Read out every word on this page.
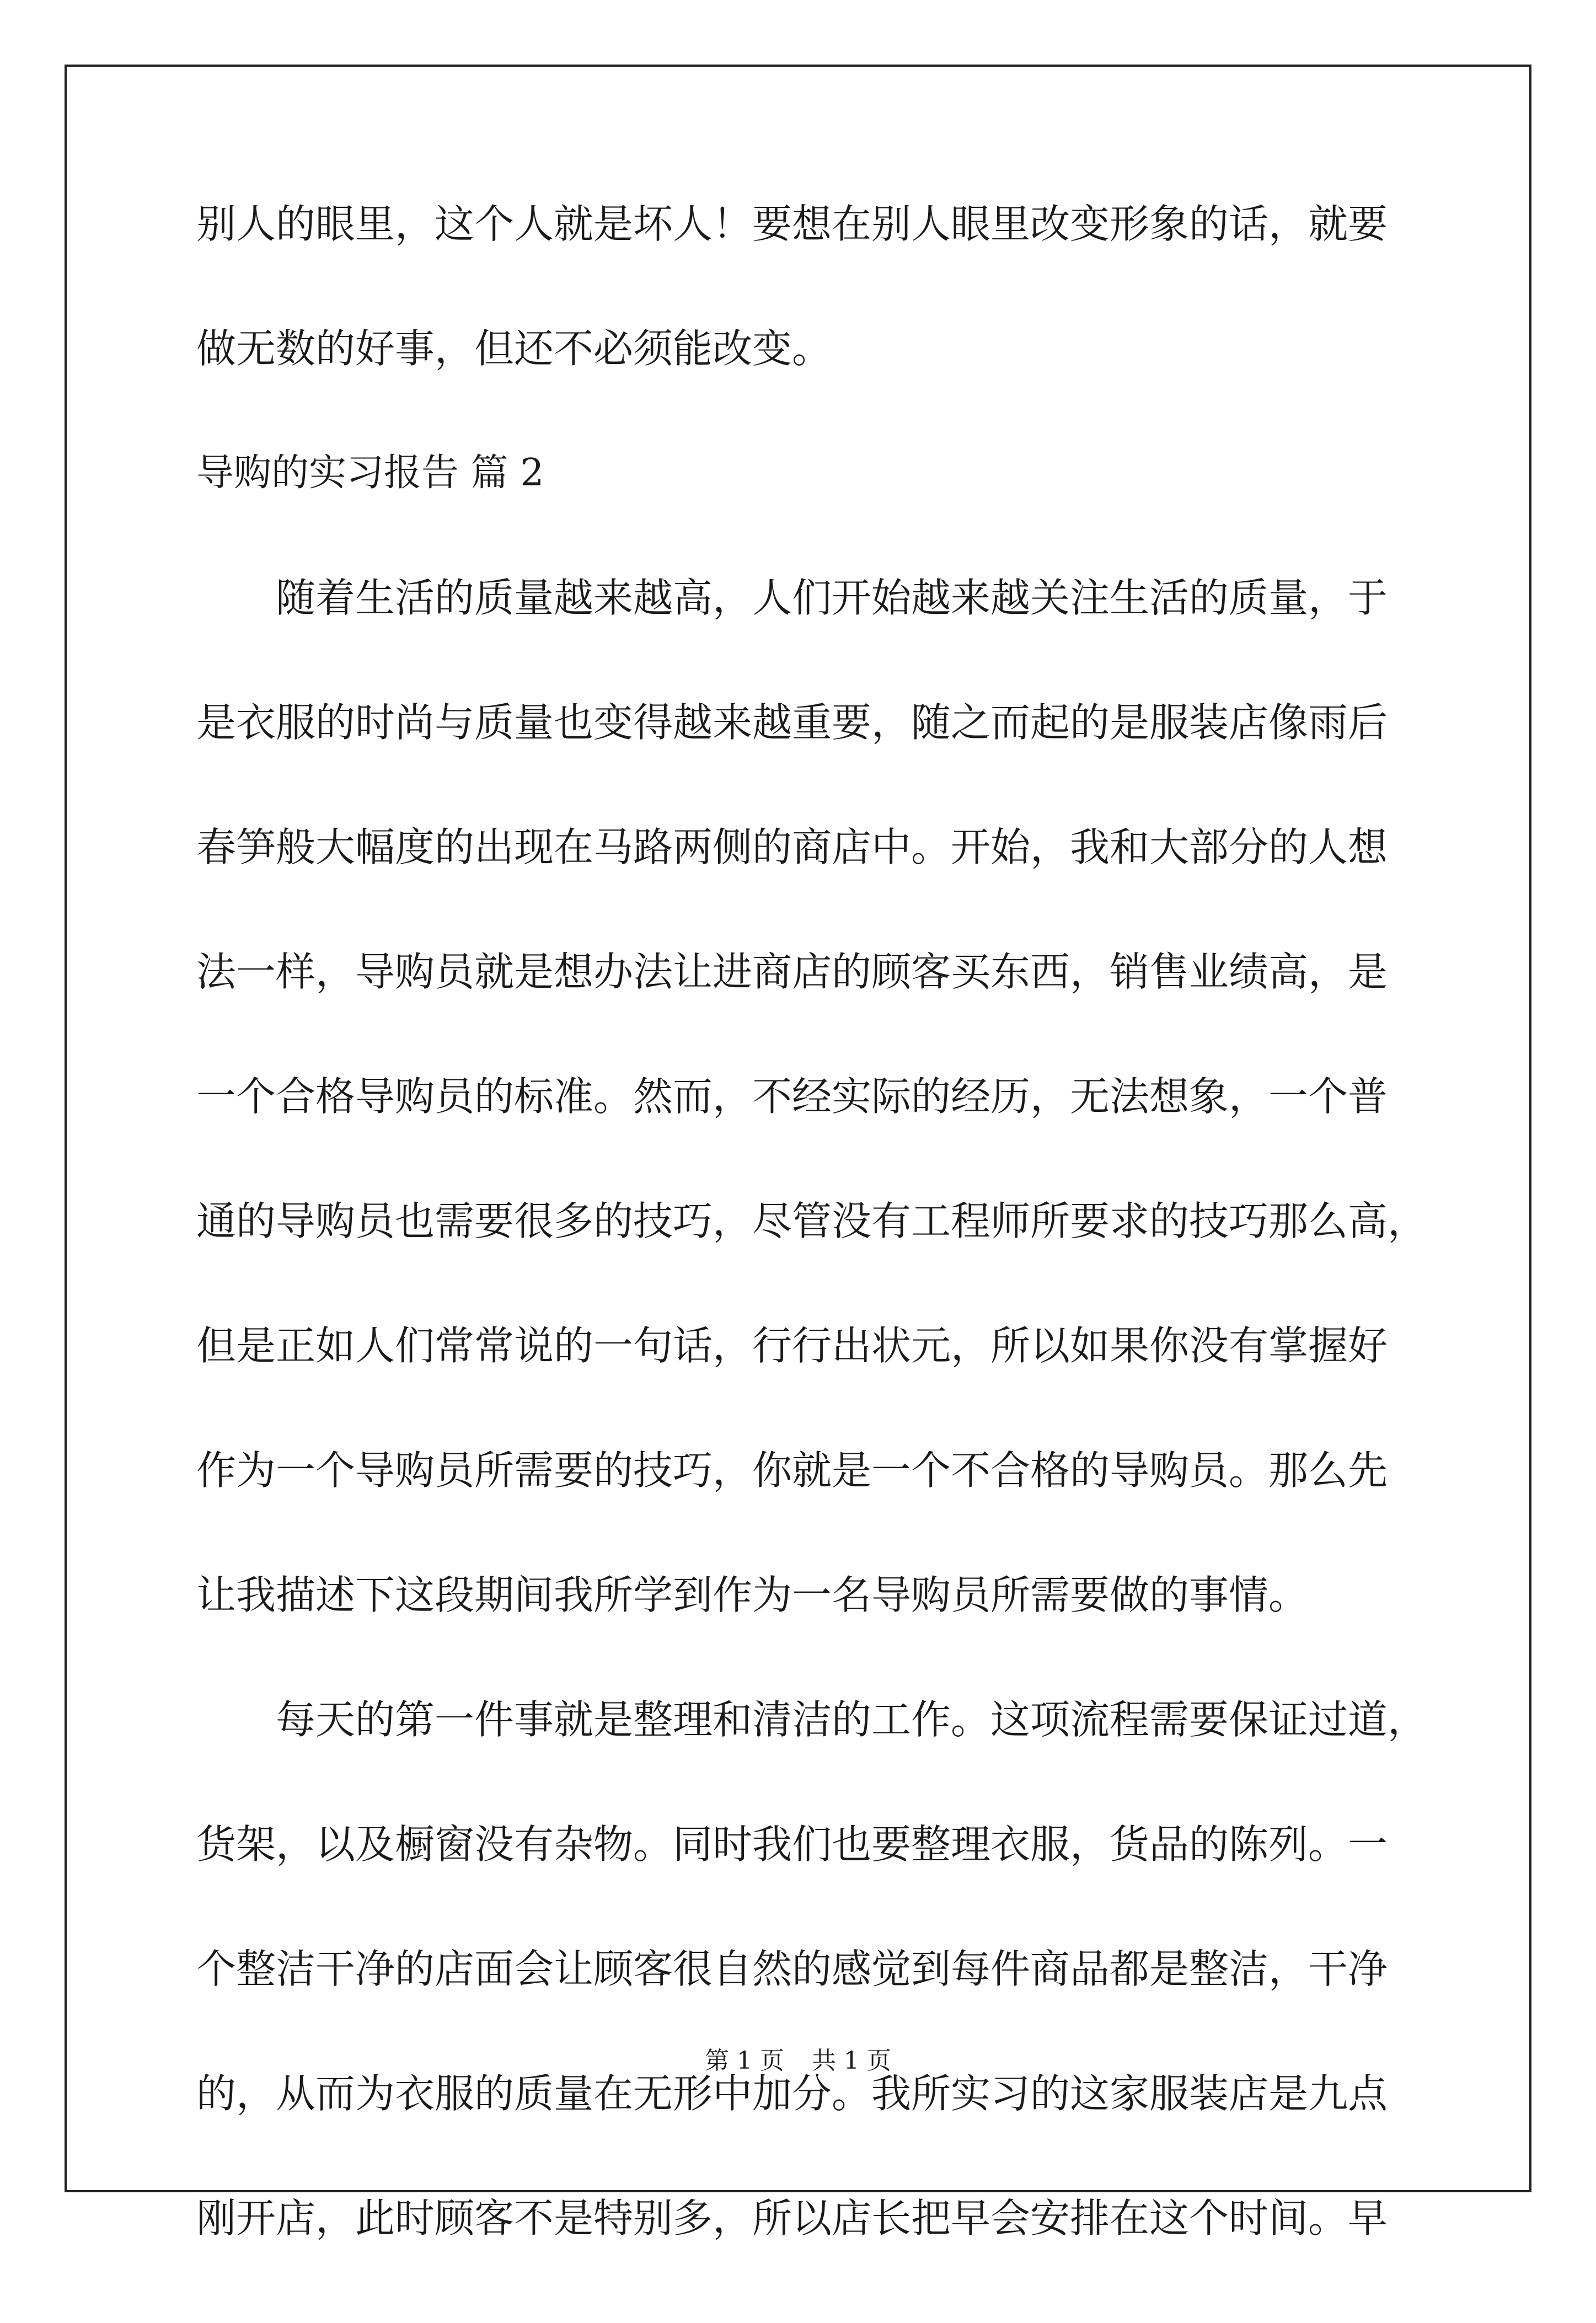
别人的眼里，这个人就是坏人！要想在别人眼里改变形象的话，就要
做无数的好事，但还不必须能改变。
导购的实习报告 篇 2
随着生活的质量越来越高，人们开始越来越关注生活的质量，于
是衣服的时尚与质量也变得越来越重要，随之而起的是服装店像雨后
春笋般大幅度的出现在马路两侧的商店中。开始，我和大部分的人想
法一样，导购员就是想办法让进商店的顾客买东西，销售业绩高，是
一个合格导购员的标准。然而，不经实际的经历，无法想象，一个普
通的导购员也需要很多的技巧，尽管没有工程师所要求的技巧那么高，
但是正如人们常常说的一句话，行行出状元，所以如果你没有掌握好
作为一个导购员所需要的技巧，你就是一个不合格的导购员。那么先
让我描述下这段期间我所学到作为一名导购员所需要做的事情。
每天的第一件事就是整理和清洁的工作。这项流程需要保证过道，
货架，以及橱窗没有杂物。同时我们也要整理衣服，货品的陈列。一
个整洁干净的店面会让顾客很自然的感觉到每件商品都是整洁，干净
的，从而为衣服的质量在无形中加分。我所实习的这家服装店是九点
刚开店，此时顾客不是特别多，所以店长把早会安排在这个时间。早
第 1 页 共 1 页
